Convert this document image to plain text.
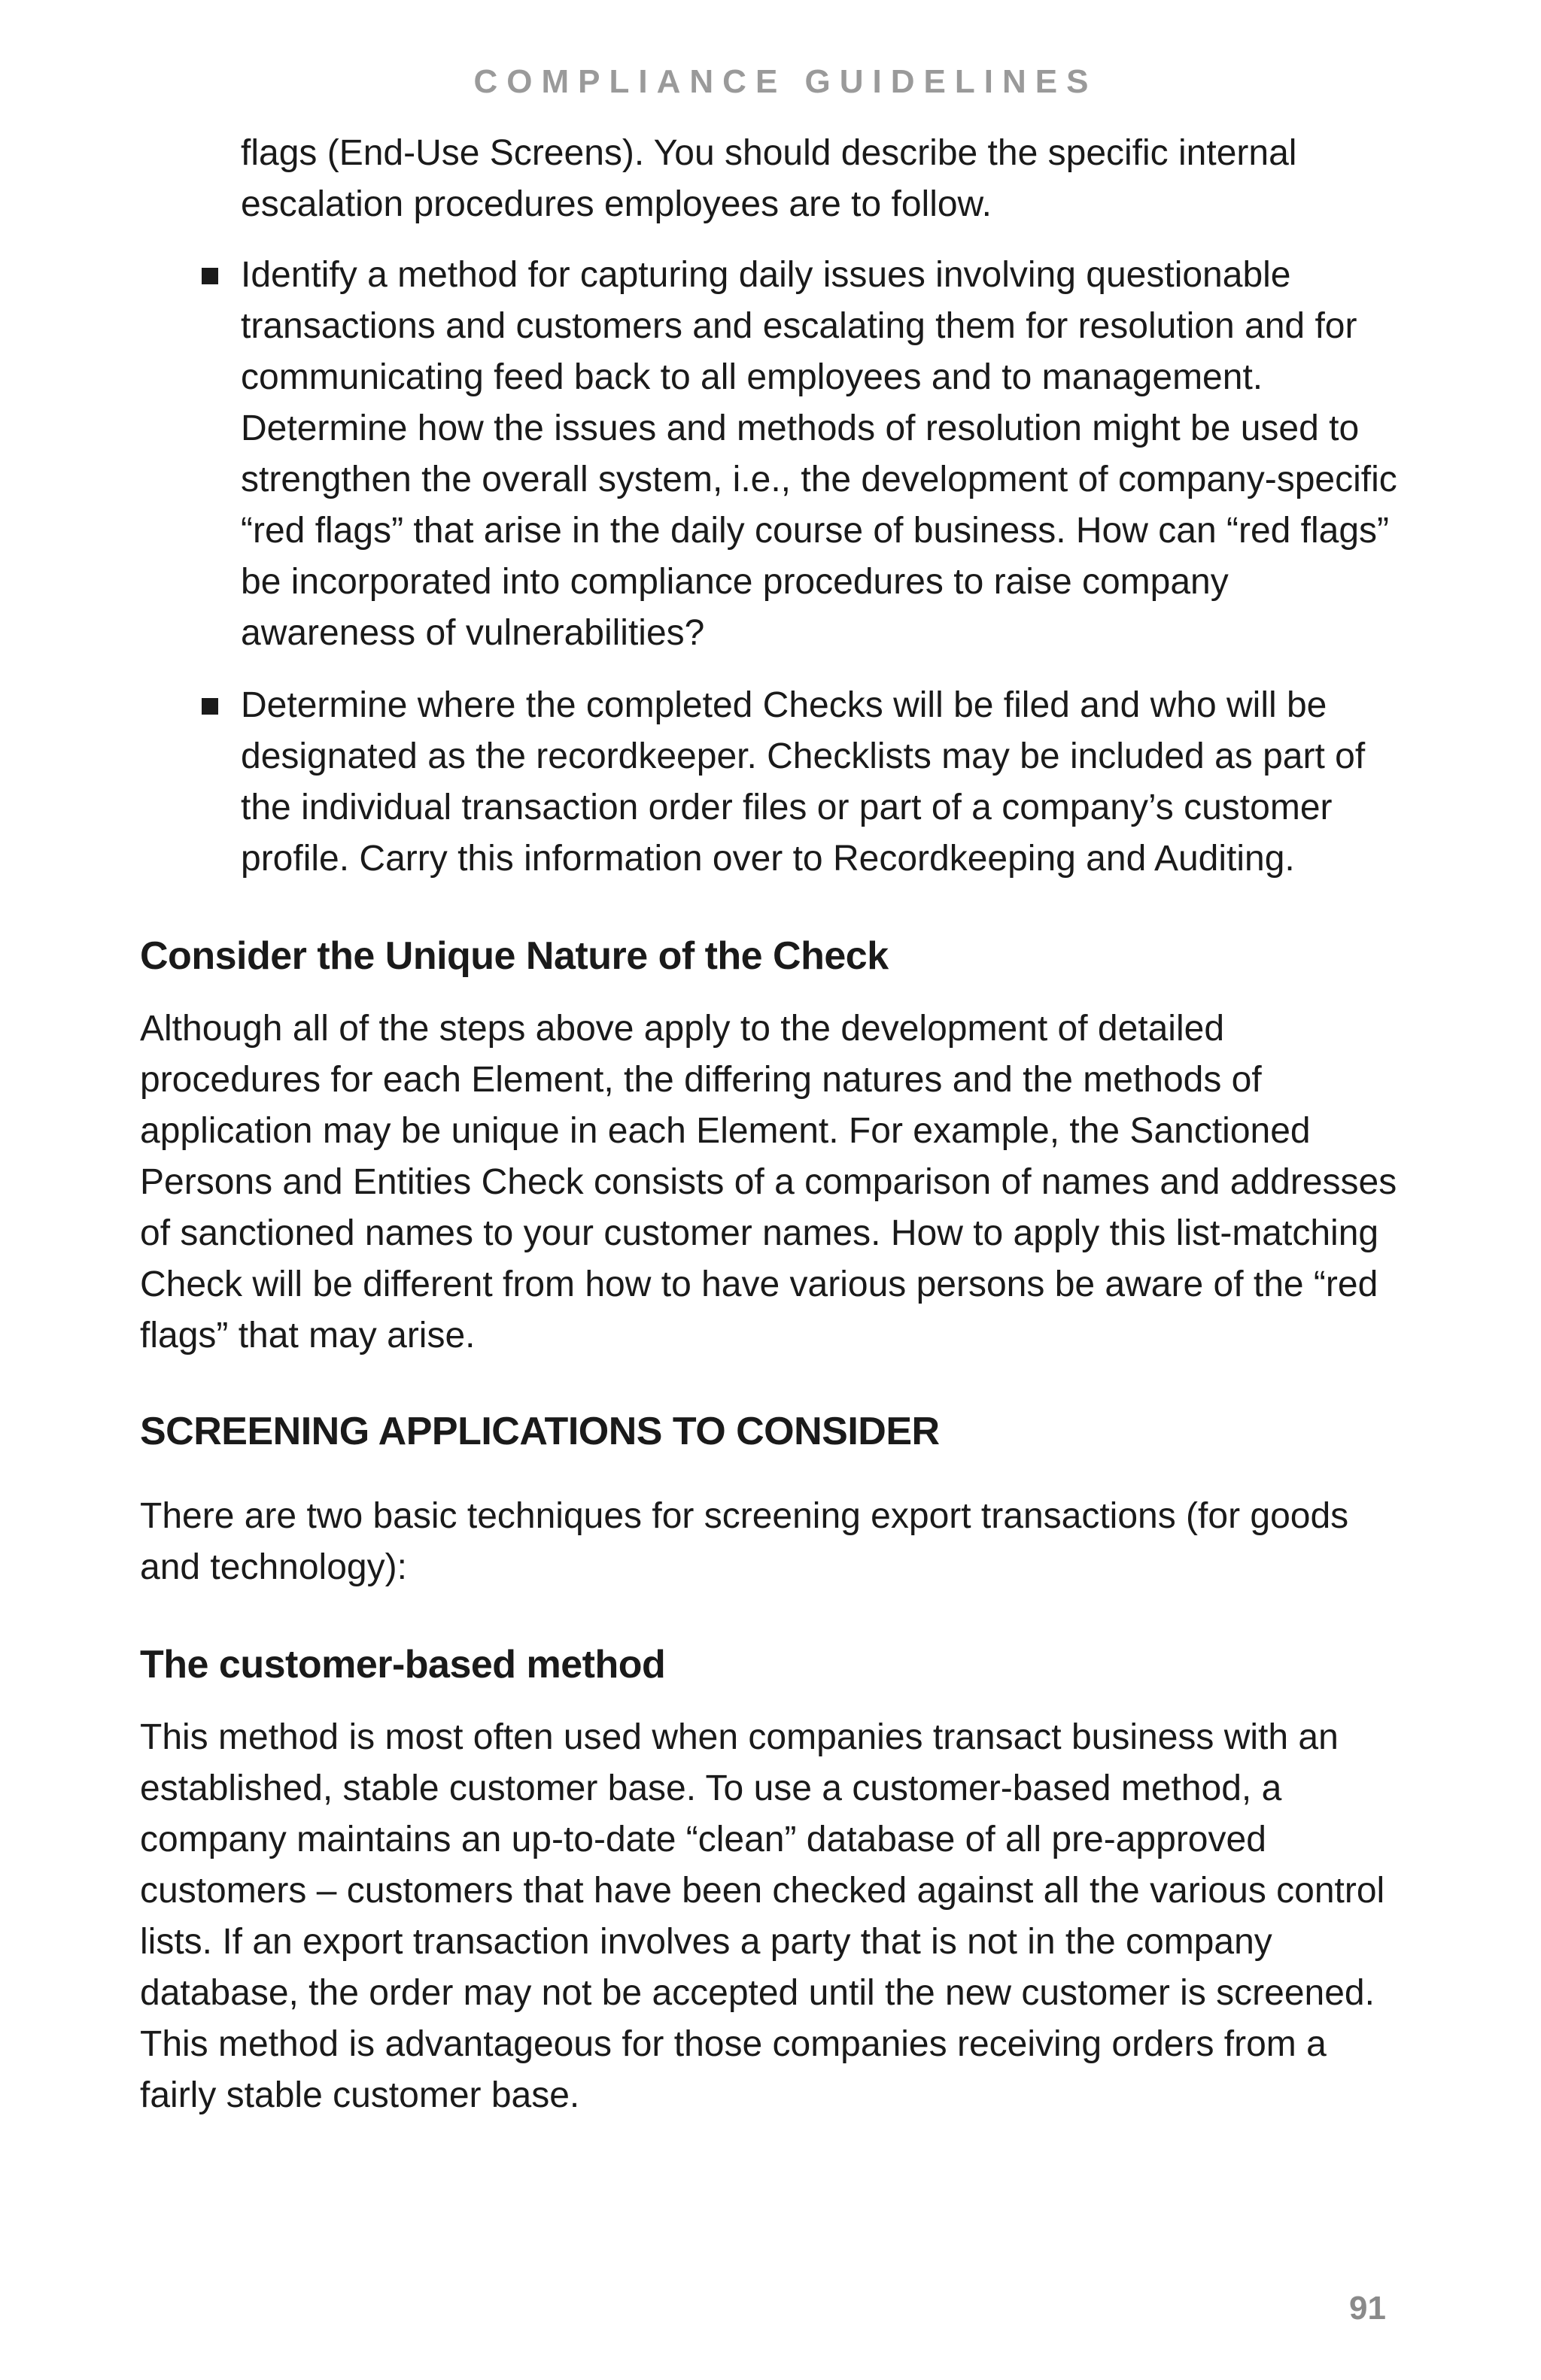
COMPLIANCE GUIDELINES

flags (End-Use Screens). You should describe the specific internal escalation procedures employees are to follow.

Identify a method for capturing daily issues involving questionable transactions and customers and escalating them for resolution and for communicating feed back to all employees and to management. Determine how the issues and methods of resolution might be used to strengthen the overall system, i.e., the development of company-specific “red flags” that arise in the daily course of business. How can “red flags” be incorporated into compliance procedures to raise company awareness of vulnerabilities?
Determine where the completed Checks will be filed and who will be designated as the recordkeeper. Checklists may be included as part of the individual transaction order files or part of a company’s customer profile. Carry this information over to Recordkeeping and Auditing.
Consider the Unique Nature of the Check

Although all of the steps above apply to the development of detailed procedures for each Element, the differing natures and the methods of application may be unique in each Element. For example, the Sanctioned Persons and Entities Check consists of a comparison of names and addresses of sanctioned names to your customer names. How to apply this list-matching Check will be different from how to have various persons be aware of the “red flags” that may arise.

SCREENING APPLICATIONS TO CONSIDER

There are two basic techniques for screening export transactions (for goods and technology):

The customer-based method

This method is most often used when companies transact business with an established, stable customer base. To use a customer-based method, a company maintains an up-to-date “clean” database of all pre-approved customers – customers that have been checked against all the various control lists. If an export transaction involves a party that is not in the company database, the order may not be accepted until the new customer is screened. This method is advantageous for those companies receiving orders from a fairly stable customer base.

91
